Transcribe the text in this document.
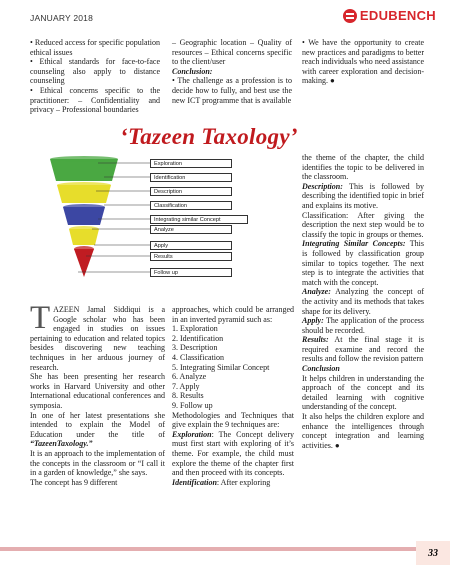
JANUARY 2018	EDUBENCH
• Reduced access for specific population ethical issues
• Ethical standards for face-to-face counseling also apply to distance counseling
• Ethical concerns specific to the practitioner: – Confidentiality and privacy – Professional boundaries

– Geographic location – Quality of resources – Ethical concerns specific to the client/user

Conclusion:

• The challenge as a profession is to decide how to fully, and best use the new ICT programme that is available

• We have the opportunity to create new practices and paradigms to better reach individuals who need assistance with career exploration and decision-making. ●
‘Tazeen Taxology’
Exploration
Identification
Description
Classification
Integrating similar Concept
Analyze
Apply
Results
Follow up

TAZEEN Jamal Siddiqui is a Google scholar who has been engaged in studies on issues pertaining to education and related topics besides discovering new teaching techniques in her arduous journey of research.

She has been presenting her research works in Harvard University and other International educational conferences and symposia.

In one of her latest presentations she intended to explain the Model of Education under the title of “TazeenTaxology.”

It is an approach to the implementation of the concepts in the classroom or “I call it in a garden of knowledge,” she says.

The concept has 9 different

approaches, which could be arranged in an inverted pyramid such as:

1. Exploration

2. Identification

3. Description

4. Classification

5. Integrating Similar Concept

6. Analyze

7. Apply

8. Results

9. Follow up

Methodologies and Techniques that give explain the 9 techniques are:

Exploration: The Concept delivery must first start with exploring of it’s theme. For example, the child must explore the theme of the chapter first and then proceed with its concepts.

Identification: After exploring

the theme of the chapter, the child identifies the topic to be delivered in the classroom.

Description: This is followed by describing the identified topic in brief and explains its motive.

Classification: After giving the description the next step would be to classify the topic in groups or themes.

Integrating Similar Concepts: This is followed by classification group similar to topics together. The next step is to integrate the activities that match with the concept.

Analyze: Analyzing the concept of the activity and its methods that takes shape for its delivery.

Apply: The application of the process should be recorded.

Results: At the final stage it is required examine and record the results and follow the revision pattern

Conclusion

It helps children in understanding the approach of the concept and its detailed learning with cognitive understanding of the concept.

It also helps the children explore and enhance the intelligences through concept integration and learning activities. ●

33
